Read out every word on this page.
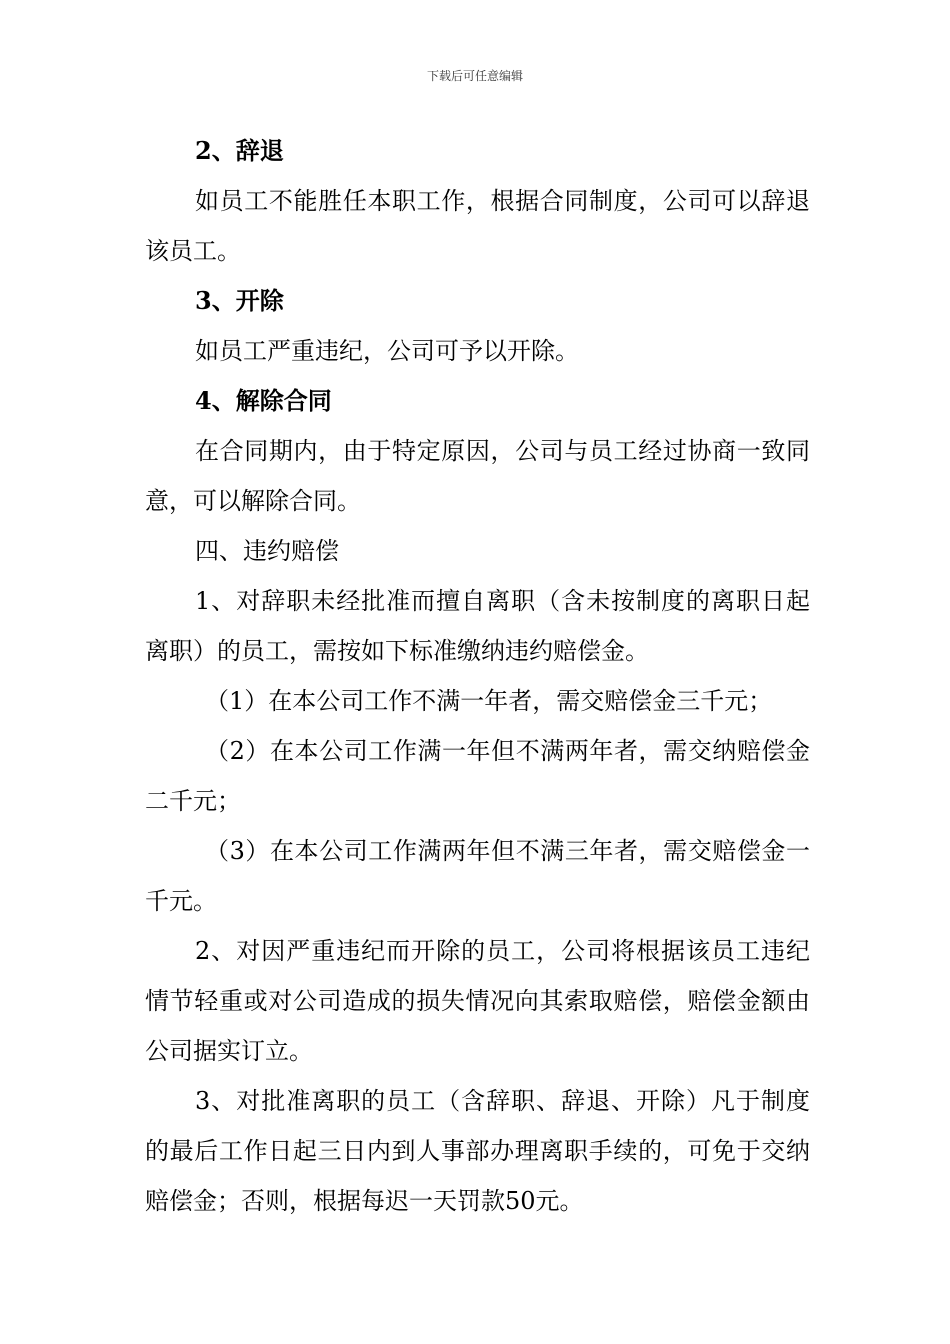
下载后可任意编辑

2、辞退

如员工不能胜任本职工作，根据合同制度，公司可以辞退该员工。

3、开除

如员工严重违纪，公司可予以开除。

4、解除合同

在合同期内，由于特定原因，公司与员工经过协商一致同意，可以解除合同。

四、违约赔偿

1、对辞职未经批准而擅自离职（含未按制度的离职日起离职）的员工，需按如下标准缴纳违约赔偿金。

（1）在本公司工作不满一年者，需交赔偿金三千元；

（2）在本公司工作满一年但不满两年者，需交纳赔偿金二千元；

（3）在本公司工作满两年但不满三年者，需交赔偿金一千元。

2、对因严重违纪而开除的员工，公司将根据该员工违纪情节轻重或对公司造成的损失情况向其索取赔偿，赔偿金额由公司据实订立。

3、对批准离职的员工（含辞职、辞退、开除）凡于制度的最后工作日起三日内到人事部办理离职手续的，可免于交纳赔偿金；否则，根据每迟一天罚款50元。
